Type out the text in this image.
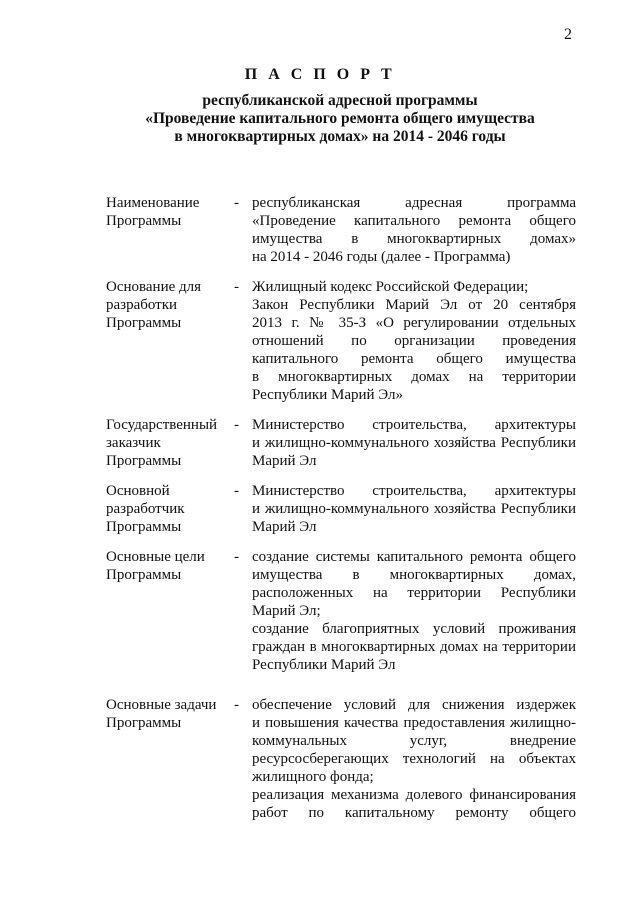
2
П А С П О Р Т
республиканской адресной программы
«Проведение капитального ремонта общего имущества
в многоквартирных домах» на 2014 - 2046 годы
Наименование
Программы
- республиканская адресная программа
«Проведение капитального ремонта общего
имущества в многоквартирных домах»
на 2014 - 2046 годы (далее - Программа)
Основание для
разработки
Программы
- Жилищный кодекс Российской Федерации;
Закон Республики Марий Эл от 20 сентября
2013 г. № 35-З «О регулировании отдельных
отношений по организации проведения
капитального ремонта общего имущества
в многоквартирных домах на территории
Республики Марий Эл»
Государственный
заказчик
Программы
- Министерство строительства, архитектуры
и жилищно-коммунального хозяйства Республики
Марий Эл
Основной
разработчик
Программы
- Министерство строительства, архитектуры
и жилищно-коммунального хозяйства Республики
Марий Эл
Основные цели
Программы
- создание системы капитального ремонта общего
имущества в многоквартирных домах,
расположенных на территории Республики
Марий Эл;
создание благоприятных условий проживания
граждан в многоквартирных домах на территории
Республики Марий Эл
Основные задачи
Программы
- обеспечение условий для снижения издержек
и повышения качества предоставления жилищно-
коммунальных услуг, внедрение
ресурсосберегающих технологий на объектах
жилищного фонда;
реализация механизма долевого финансирования
работ по капитальному ремонту общего
